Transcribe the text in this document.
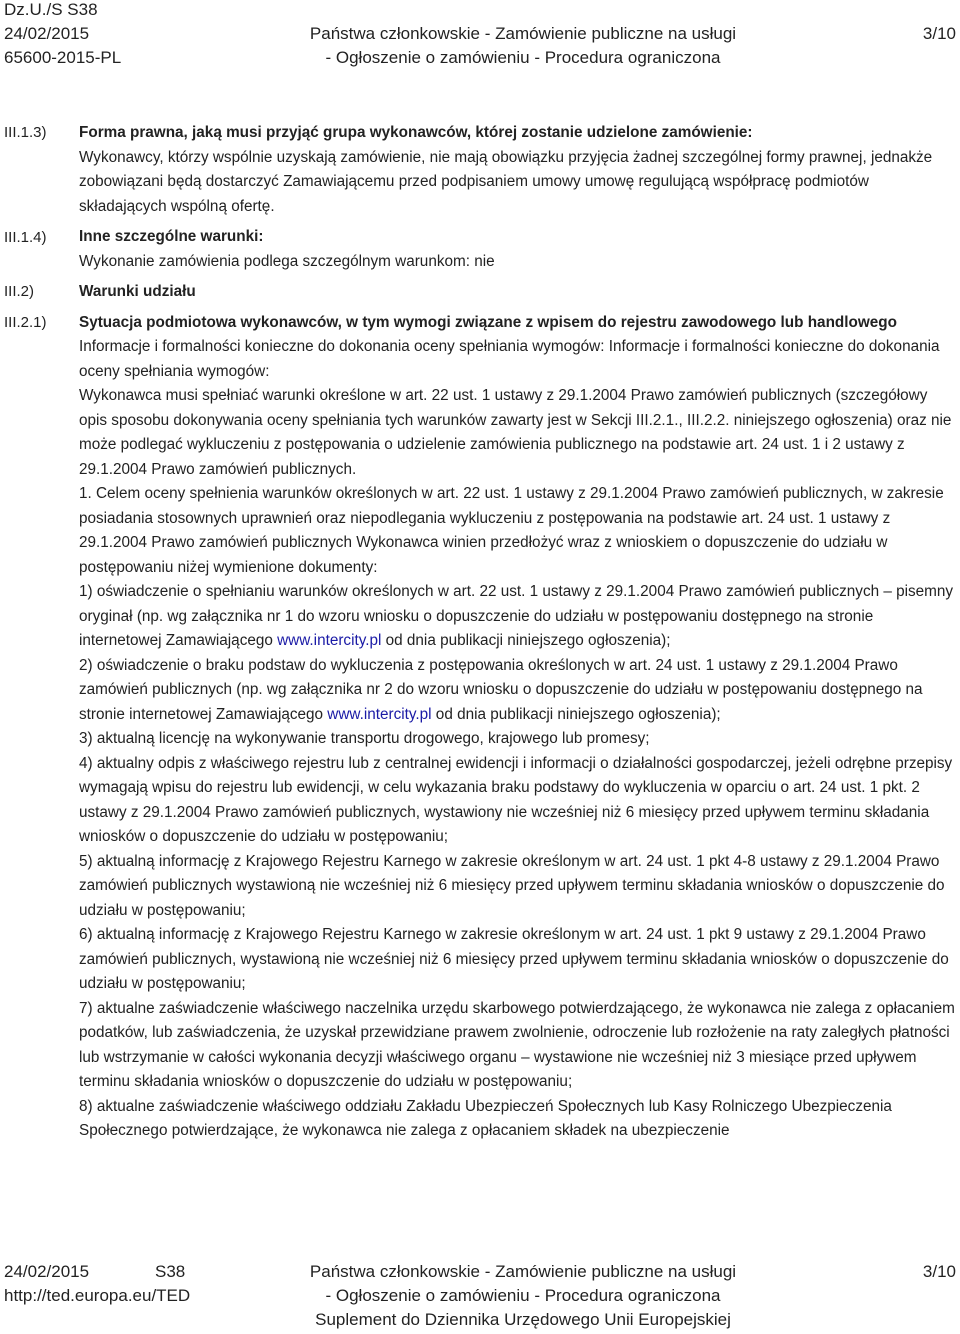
Dz.U./S S38
24/02/2015
65600-2015-PL
Państwa członkowskie - Zamówienie publiczne na usługi
- Ogłoszenie o zamówieniu - Procedura ograniczona
3/10
III.1.3)
III.1.4)
III.2)
III.2.1)

Forma prawna, jaką musi przyjąć grupa wykonawców, której zostanie udzielone zamówienie:

Wykonawcy, którzy wspólnie uzyskają zamówienie, nie mają obowiązku przyjęcia żadnej szczególnej formy prawnej, jednakże zobowiązani będą dostarczyć Zamawiającemu przed podpisaniem umowy umowę regulującą współpracę podmiotów składających wspólną ofertę.

Inne szczególne warunki:

Wykonanie zamówienia podlega szczególnym warunkom: nie

Warunki udziału

Sytuacja podmiotowa wykonawców, w tym wymogi związane z wpisem do rejestru zawodowego lub handlowego

Informacje i formalności konieczne do dokonania oceny spełniania wymogów: Informacje i formalności konieczne do dokonania oceny spełniania wymogów:

Wykonawca musi spełniać warunki określone w art. 22 ust. 1 ustawy z 29.1.2004 Prawo zamówień publicznych (szczegółowy opis sposobu dokonywania oceny spełniania tych warunków zawarty jest w Sekcji III.2.1., III.2.2. niniejszego ogłoszenia) oraz nie może podlegać wykluczeniu z postępowania o udzielenie zamówienia publicznego na podstawie art. 24 ust. 1 i 2 ustawy z 29.1.2004 Prawo zamówień publicznych.

1. Celem oceny spełnienia warunków określonych w art. 22 ust. 1 ustawy z 29.1.2004 Prawo zamówień publicznych, w zakresie posiadania stosownych uprawnień oraz niepodlegania wykluczeniu z postępowania na podstawie art. 24 ust. 1 ustawy z 29.1.2004 Prawo zamówień publicznych Wykonawca winien przedłożyć wraz z wnioskiem o dopuszczenie do udziału w postępowaniu niżej wymienione dokumenty:

1) oświadczenie o spełnianiu warunków określonych w art. 22 ust. 1 ustawy z 29.1.2004 Prawo zamówień publicznych – pisemny oryginał (np. wg załącznika nr 1 do wzoru wniosku o dopuszczenie do udziału w postępowaniu dostępnego na stronie internetowej Zamawiającego www.intercity.pl od dnia publikacji niniejszego ogłoszenia);

2) oświadczenie o braku podstaw do wykluczenia z postępowania określonych w art. 24 ust. 1 ustawy z 29.1.2004 Prawo zamówień publicznych (np. wg załącznika nr 2 do wzoru wniosku o dopuszczenie do udziału w postępowaniu dostępnego na stronie internetowej Zamawiającego www.intercity.pl od dnia publikacji niniejszego ogłoszenia);

3) aktualną licencję na wykonywanie transportu drogowego, krajowego lub promesy;

4) aktualny odpis z właściwego rejestru lub z centralnej ewidencji i informacji o działalności gospodarczej, jeżeli odrębne przepisy wymagają wpisu do rejestru lub ewidencji, w celu wykazania braku podstawy do wykluczenia w oparciu o art. 24 ust. 1 pkt. 2 ustawy z 29.1.2004 Prawo zamówień publicznych, wystawiony nie wcześniej niż 6 miesięcy przed upływem terminu składania wniosków o dopuszczenie do udziału w postępowaniu;

5) aktualną informację z Krajowego Rejestru Karnego w zakresie określonym w art. 24 ust. 1 pkt 4-8 ustawy z 29.1.2004 Prawo zamówień publicznych wystawioną nie wcześniej niż 6 miesięcy przed upływem terminu składania wniosków o dopuszczenie do udziału w postępowaniu;

6) aktualną informację z Krajowego Rejestru Karnego w zakresie określonym w art. 24 ust. 1 pkt 9 ustawy z 29.1.2004 Prawo zamówień publicznych, wystawioną nie wcześniej niż 6 miesięcy przed upływem terminu składania wniosków o dopuszczenie do udziału w postępowaniu;

7) aktualne zaświadczenie właściwego naczelnika urzędu skarbowego potwierdzającego, że wykonawca nie zalega z opłacaniem podatków, lub zaświadczenia, że uzyskał przewidziane prawem zwolnienie, odroczenie lub rozłożenie na raty zaległych płatności lub wstrzymanie w całości wykonania decyzji właściwego organu – wystawione nie wcześniej niż 3 miesiące przed upływem terminu składania wniosków o dopuszczenie do udziału w postępowaniu;

8) aktualne zaświadczenie właściwego oddziału Zakładu Ubezpieczeń Społecznych lub Kasy Rolniczego Ubezpieczenia Społecznego potwierdzające, że wykonawca nie zalega z opłacaniem składek na ubezpieczenie

24/02/2015	S38
http://ted.europa.eu/TED
Państwa członkowskie - Zamówienie publiczne na usługi
- Ogłoszenie o zamówieniu - Procedura ograniczona
Suplement do Dziennika Urzędowego Unii Europejskiej
3/10
